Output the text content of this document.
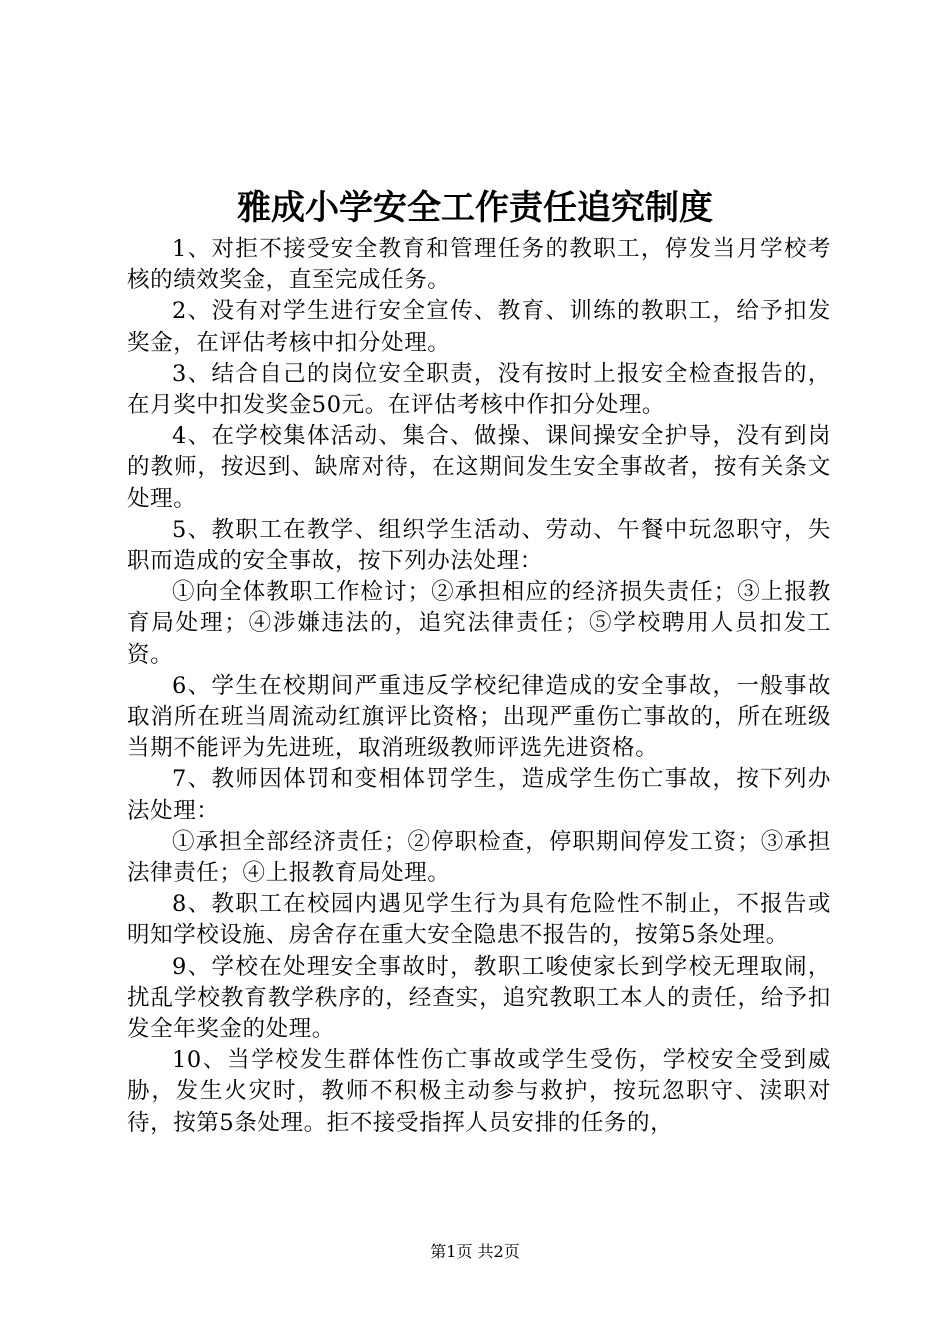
雅成小学安全工作责任追究制度

1、对拒不接受安全教育和管理任务的教职工，停发当月学校考核的绩效奖金，直至完成任务。

2、没有对学生进行安全宣传、教育、训练的教职工，给予扣发奖金，在评估考核中扣分处理。

3、结合自己的岗位安全职责，没有按时上报安全检查报告的，在月奖中扣发奖金50元。在评估考核中作扣分处理。

4、在学校集体活动、集合、做操、课间操安全护导，没有到岗的教师，按迟到、缺席对待，在这期间发生安全事故者，按有关条文处理。

5、教职工在教学、组织学生活动、劳动、午餐中玩忽职守，失职而造成的安全事故，按下列办法处理：

①向全体教职工作检讨；②承担相应的经济损失责任；③上报教育局处理；④涉嫌违法的，追究法律责任；⑤学校聘用人员扣发工资。

6、学生在校期间严重违反学校纪律造成的安全事故，一般事故取消所在班当周流动红旗评比资格；出现严重伤亡事故的，所在班级当期不能评为先进班，取消班级教师评选先进资格。

7、教师因体罚和变相体罚学生，造成学生伤亡事故，按下列办法处理：

①承担全部经济责任；②停职检查，停职期间停发工资；③承担法律责任；④上报教育局处理。

8、教职工在校园内遇见学生行为具有危险性不制止，不报告或明知学校设施、房舍存在重大安全隐患不报告的，按第5条处理。

9、学校在处理安全事故时，教职工唆使家长到学校无理取闹，扰乱学校教育教学秩序的，经查实，追究教职工本人的责任，给予扣发全年奖金的处理。

10、当学校发生群体性伤亡事故或学生受伤，学校安全受到威胁，发生火灾时，教师不积极主动参与救护，按玩忽职守、渎职对待，按第5条处理。拒不接受指挥人员安排的任务的，

第1页 共2页
